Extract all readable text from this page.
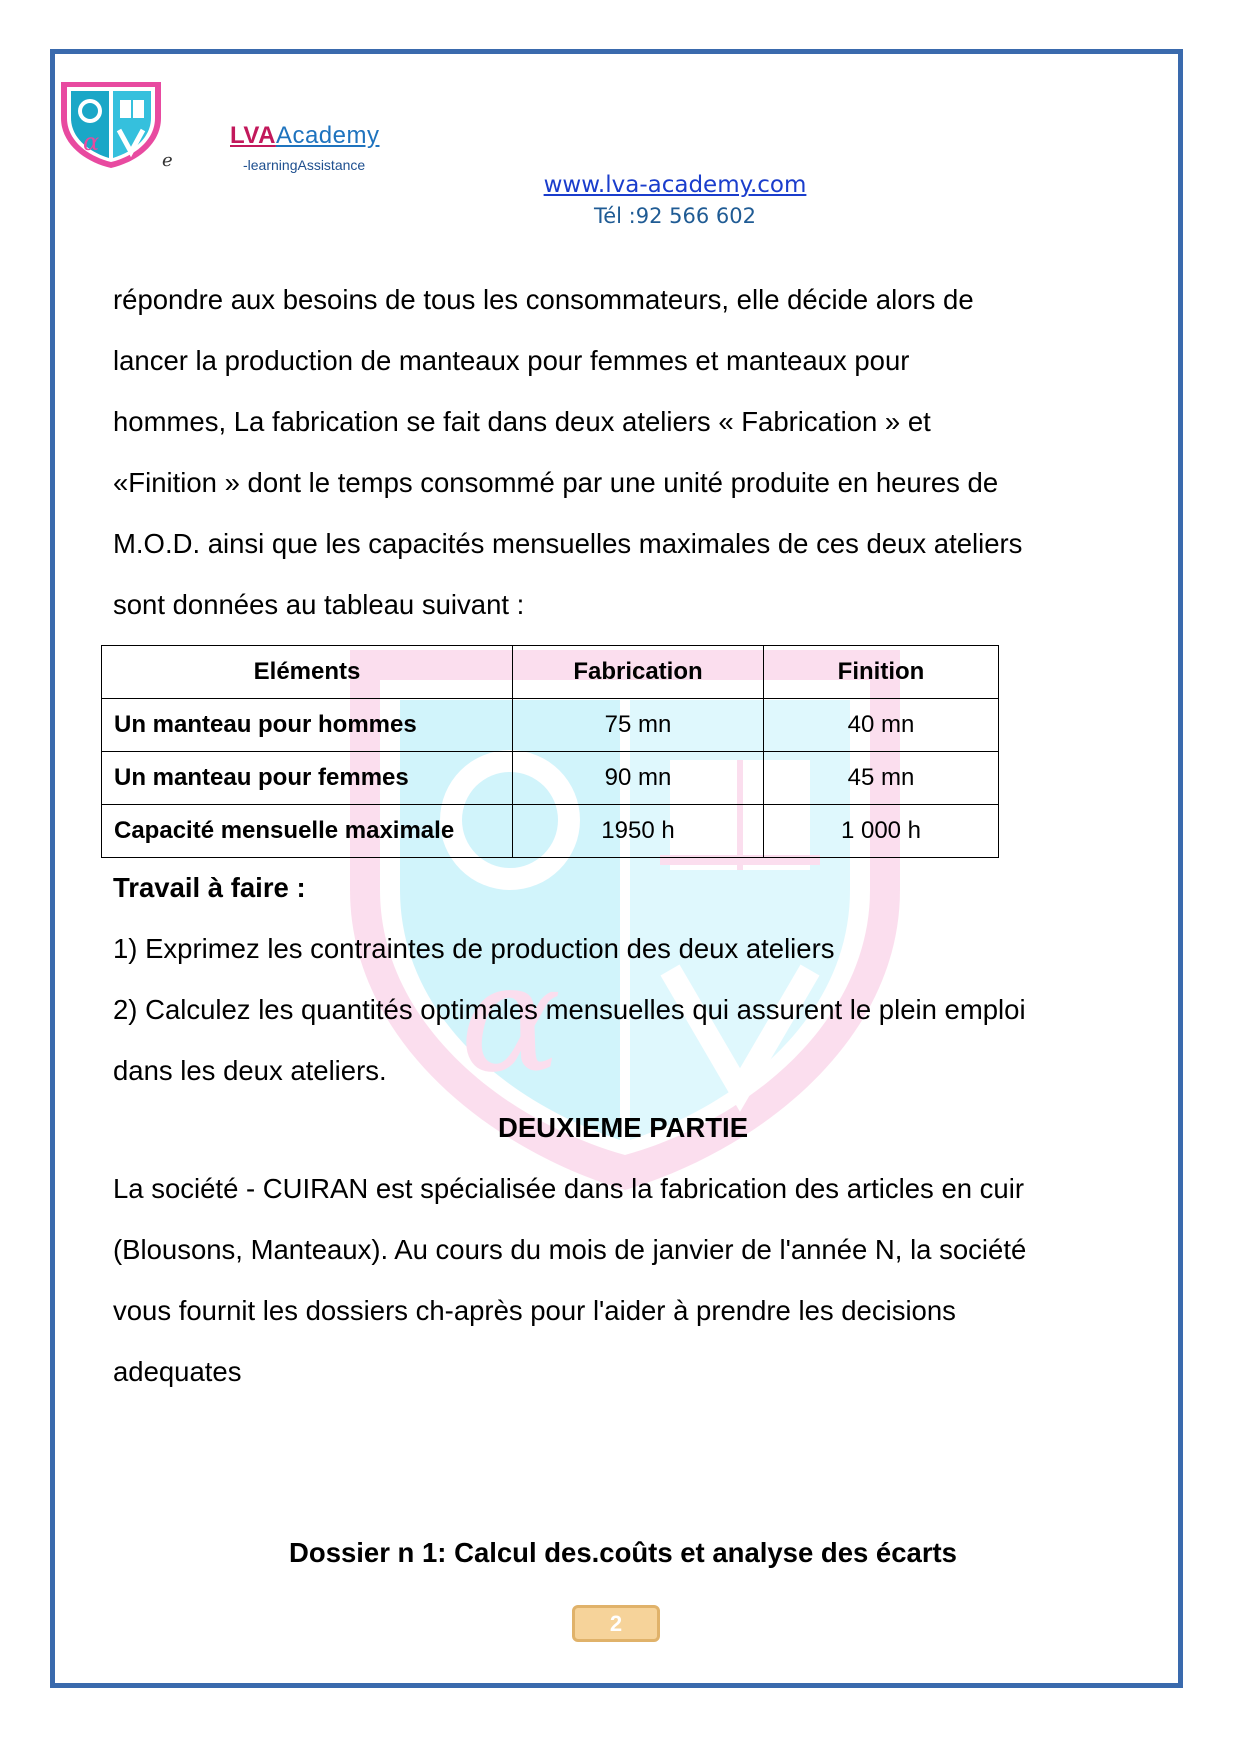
α
e
LVAAcademy
-learningAssistance
www.lva-academy.com
Tél :92 566 602
α
répondre aux besoins de tous les consommateurs, elle décide alors de
lancer la production de manteaux pour femmes et manteaux pour
hommes, La fabrication se fait dans deux ateliers « Fabrication » et
«Finition » dont le temps consommé par une unité produite en heures de
M.O.D. ainsi que les capacités mensuelles maximales de ces deux ateliers
sont données au tableau suivant :
Eléments	Fabrication	Finition
Un manteau pour hommes	75 mn	40 mn
Un manteau pour femmes	90 mn	45 mn
Capacité mensuelle maximale	1950 h	1 000 h
Travail à faire :
1) Exprimez les contraintes de production des deux ateliers
2) Calculez les quantités optimales mensuelles qui assurent le plein emploi
dans les deux ateliers.
DEUXIEME PARTIE
La société - CUIRAN est spécialisée dans la fabrication des articles en cuir
(Blousons, Manteaux). Au cours du mois de janvier de l'année N, la société
vous fournit les dossiers ch-après pour l'aider à prendre les decisions
adequates
Dossier n 1: Calcul des.coûts et analyse des écarts
2
